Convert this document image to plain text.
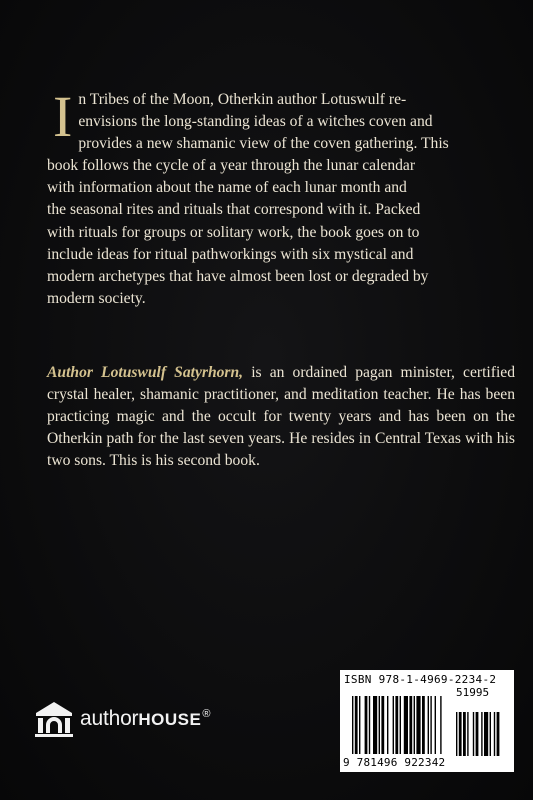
I n Tribes of the Moon, Otherkin author Lotuswulf re-
envisions the long-standing ideas of a witches coven and
provides a new shamanic view of the coven gathering. This
book follows the cycle of a year through the lunar calendar
with information about the name of each lunar month and
the seasonal rites and rituals that correspond with it. Packed
with rituals for groups or solitary work, the book goes on to
include ideas for ritual pathworkings with six mystical and
modern archetypes that have almost been lost or degraded by
modern society.
Author Lotuswulf Satyrhorn, is an ordained pagan minister, certified crystal healer, shamanic practitioner, and meditation teacher. He has been practicing magic and the occult for twenty years and has been on the Otherkin path for the last seven years. He resides in Central Texas with his two sons. This is his second book.
authorHOUSE®
ISBN 978-1-4969-2234-2
51995
9 781496 922342
